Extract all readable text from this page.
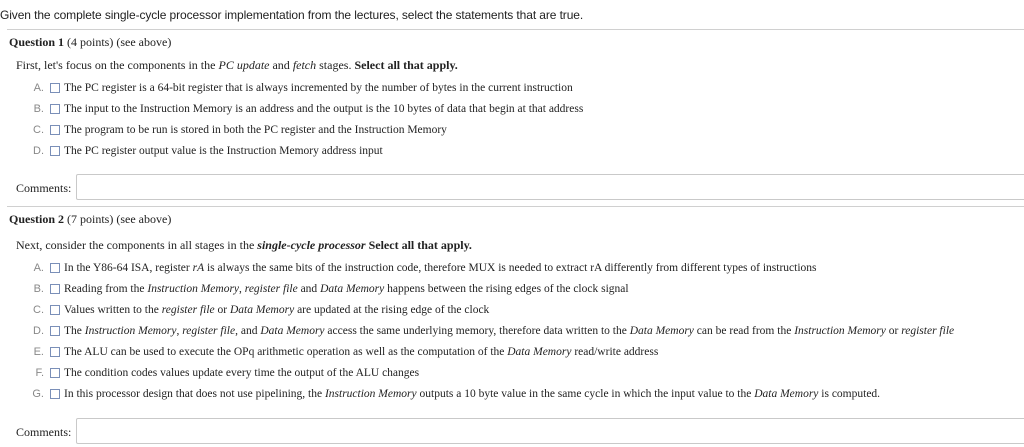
Given the complete single-cycle processor implementation from the lectures, select the statements that are true.
Question 1 (4 points) (see above)
First, let's focus on the components in the PC update and fetch stages. Select all that apply.
A. The PC register is a 64-bit register that is always incremented by the number of bytes in the current instruction
B. The input to the Instruction Memory is an address and the output is the 10 bytes of data that begin at that address
C. The program to be run is stored in both the PC register and the Instruction Memory
D. The PC register output value is the Instruction Memory address input
Comments:
Question 2 (7 points) (see above)
Next, consider the components in all stages in the single-cycle processor Select all that apply.
A. In the Y86-64 ISA, register rA is always the same bits of the instruction code, therefore MUX is needed to extract rA differently from different types of instructions
B. Reading from the Instruction Memory, register file and Data Memory happens between the rising edges of the clock signal
C. Values written to the register file or Data Memory are updated at the rising edge of the clock
D. The Instruction Memory, register file, and Data Memory access the same underlying memory, therefore data written to the Data Memory can be read from the Instruction Memory or register file
E. The ALU can be used to execute the OPq arithmetic operation as well as the computation of the Data Memory read/write address
F. The condition codes values update every time the output of the ALU changes
G. In this processor design that does not use pipelining, the Instruction Memory outputs a 10 byte value in the same cycle in which the input value to the Data Memory is computed.
Comments:
